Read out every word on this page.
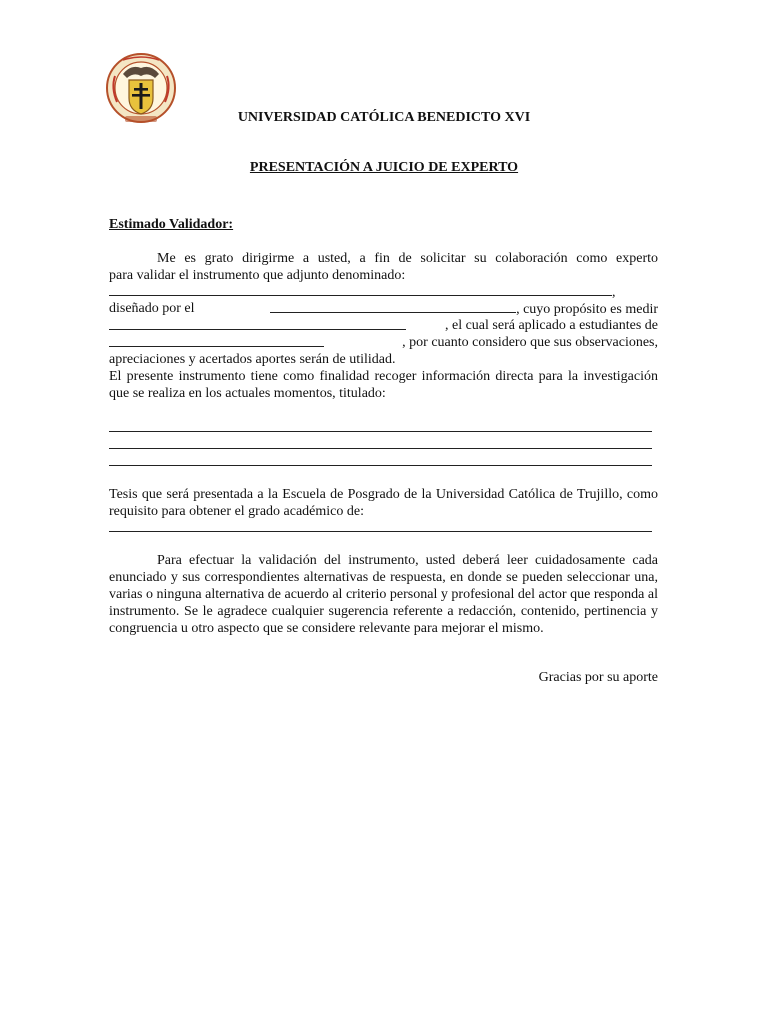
UNIVERSIDAD CATÓLICA BENEDICTO XVI
PRESENTACIÓN A JUICIO DE EXPERTO
Estimado Validador:
Me es grato dirigirme a usted, a fin de solicitar su colaboración como experto
para validar el instrumento que adjunto denominado:
,
diseñado por el	, cuyo propósito es medir
, el cual será aplicado a estudiantes de
, por cuanto considero que sus observaciones,
apreciaciones y acertados aportes serán de utilidad.
El presente instrumento tiene como finalidad recoger información directa para la investigación que se realiza en los actuales momentos, titulado:
Tesis que será presentada a la Escuela de Posgrado de la Universidad Católica de Trujillo, como requisito para obtener el grado académico de:
Para efectuar la validación del instrumento, usted deberá leer cuidadosamente cada enunciado y sus correspondientes alternativas de respuesta, en donde se pueden seleccionar una, varias o ninguna alternativa de acuerdo al criterio personal y profesional del actor que responda al instrumento. Se le agradece cualquier sugerencia referente a redacción, contenido, pertinencia y congruencia u otro aspecto que se considere relevante para mejorar el mismo.
Gracias por su aporte
